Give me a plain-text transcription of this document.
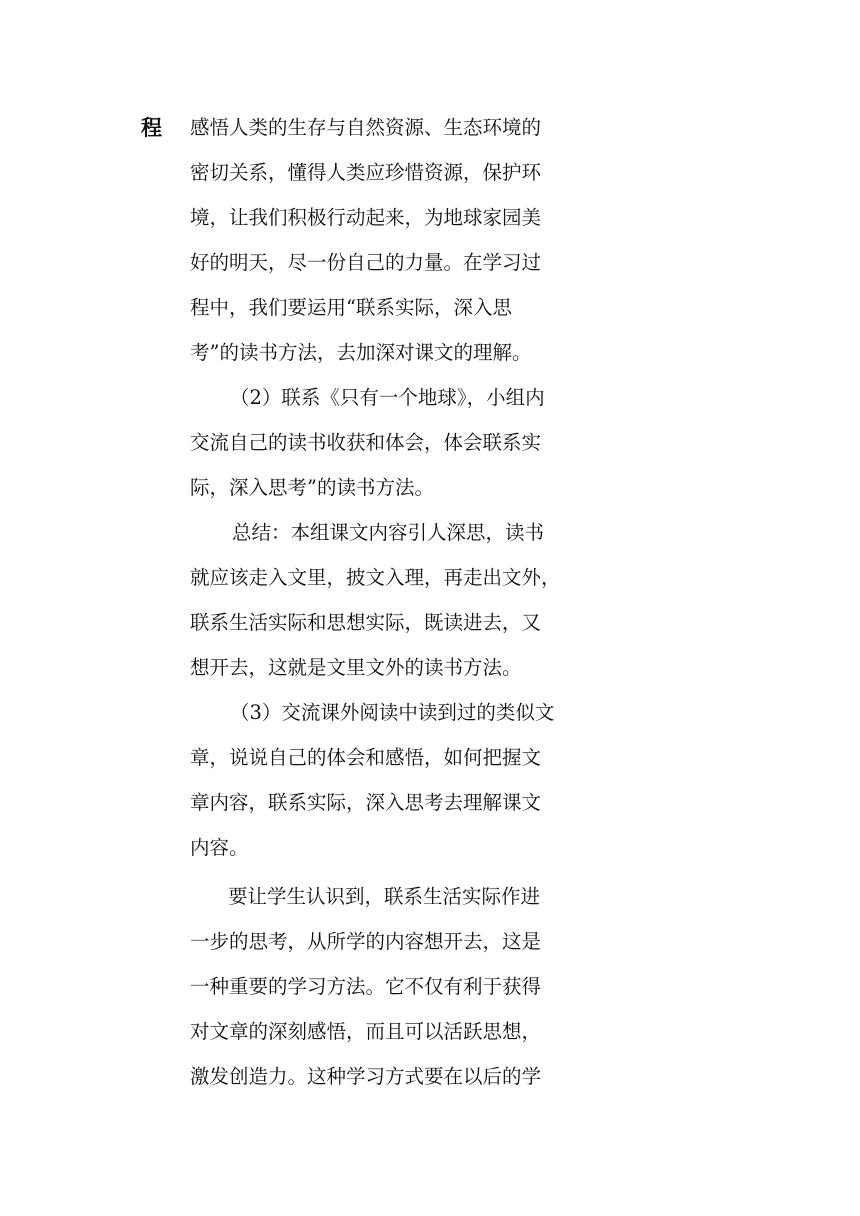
程 感悟人类的生存与自然资源、生态环境的
密切关系，懂得人类应珍惜资源，保护环
境，让我们积极行动起来，为地球家园美
好的明天，尽一份自己的力量。在学习过
程中，我们要运用“联系实际，深入思
考”的读书方法，去加深对课文的理解。
（2）联系《只有一个地球》，小组内
交流自己的读书收获和体会，体会联系实
际，深入思考”的读书方法。
总结：本组课文内容引人深思，读书
就应该走入文里，披文入理，再走出文外，
联系生活实际和思想实际，既读进去，又
想开去，这就是文里文外的读书方法。
（3）交流课外阅读中读到过的类似文
章，说说自己的体会和感悟，如何把握文
章内容，联系实际，深入思考去理解课文
内容。
要让学生认识到，联系生活实际作进
一步的思考，从所学的内容想开去，这是
一种重要的学习方法。它不仅有利于获得
对文章的深刻感悟，而且可以活跃思想，
激发创造力。这种学习方式要在以后的学
